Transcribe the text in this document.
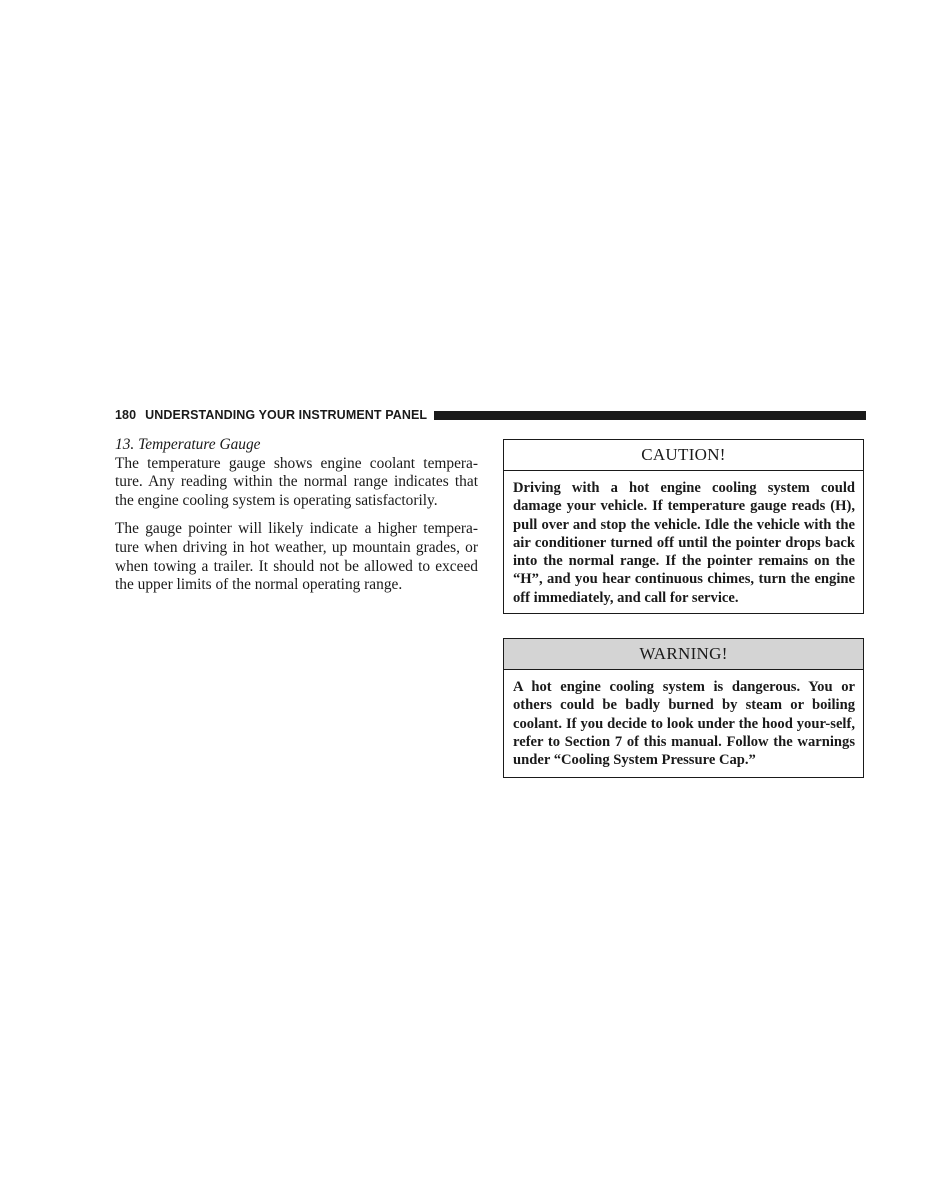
180 UNDERSTANDING YOUR INSTRUMENT PANEL
13. Temperature Gauge

The temperature gauge shows engine coolant tempera-ture. Any reading within the normal range indicates that the engine cooling system is operating satisfactorily.

The gauge pointer will likely indicate a higher tempera-ture when driving in hot weather, up mountain grades, or when towing a trailer. It should not be allowed to exceed the upper limits of the normal operating range.

CAUTION!
Driving with a hot engine cooling system could damage your vehicle. If temperature gauge reads (H), pull over and stop the vehicle. Idle the vehicle with the air conditioner turned off until the pointer drops back into the normal range. If the pointer remains on the “H”, and you hear continuous chimes, turn the engine off immediately, and call for service.
WARNING!
A hot engine cooling system is dangerous. You or others could be badly burned by steam or boiling coolant. If you decide to look under the hood your-self, refer to Section 7 of this manual. Follow the warnings under “Cooling System Pressure Cap.”
